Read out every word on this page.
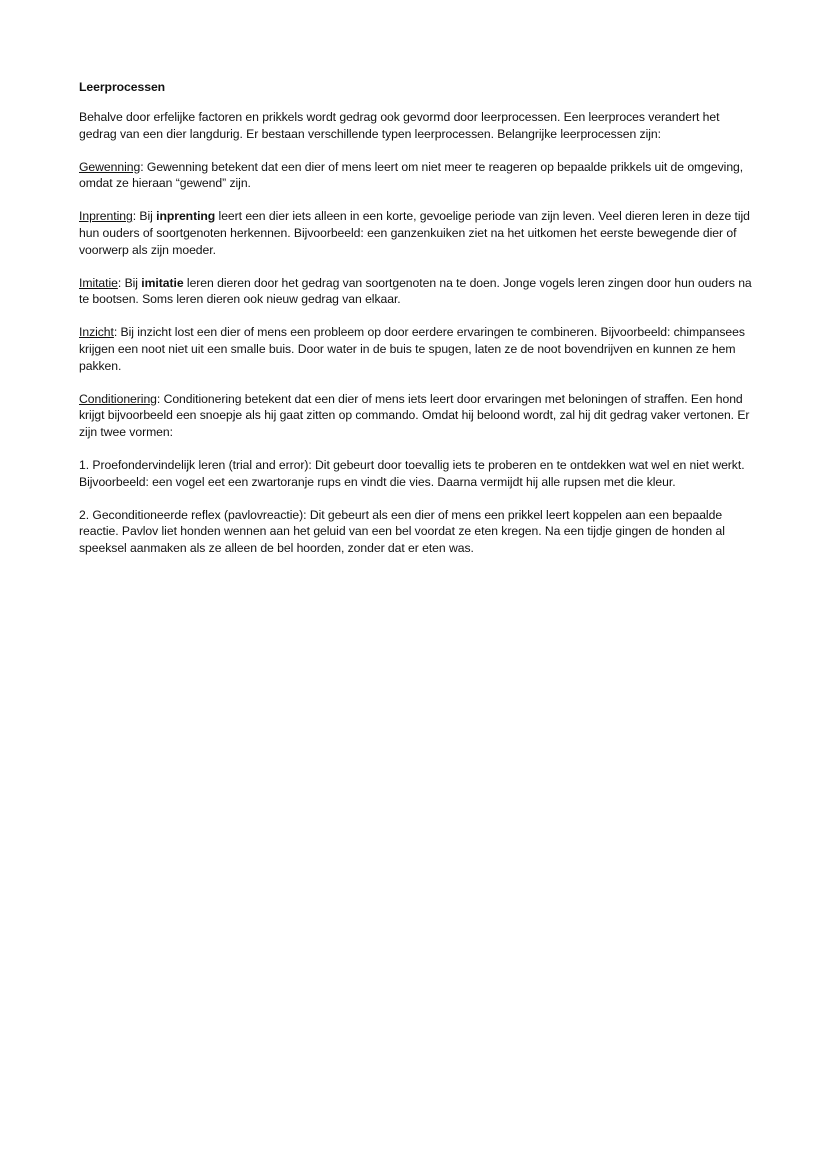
Leerprocessen

Behalve door erfelijke factoren en prikkels wordt gedrag ook gevormd door leerprocessen. Een leerproces verandert het gedrag van een dier langdurig. Er bestaan verschillende typen leerprocessen. Belangrijke leerprocessen zijn:

Gewenning: Gewenning betekent dat een dier of mens leert om niet meer te reageren op bepaalde prikkels uit de omgeving, omdat ze hieraan “gewend” zijn.

Inprenting: Bij inprenting leert een dier iets alleen in een korte, gevoelige periode van zijn leven. Veel dieren leren in deze tijd hun ouders of soortgenoten herkennen. Bijvoorbeeld: een ganzenkuiken ziet na het uitkomen het eerste bewegende dier of voorwerp als zijn moeder.

Imitatie: Bij imitatie leren dieren door het gedrag van soortgenoten na te doen. Jonge vogels leren zingen door hun ouders na te bootsen. Soms leren dieren ook nieuw gedrag van elkaar.

Inzicht: Bij inzicht lost een dier of mens een probleem op door eerdere ervaringen te combineren. Bijvoorbeeld: chimpansees krijgen een noot niet uit een smalle buis. Door water in de buis te spugen, laten ze de noot bovendrijven en kunnen ze hem pakken.

Conditionering: Conditionering betekent dat een dier of mens iets leert door ervaringen met beloningen of straffen. Een hond krijgt bijvoorbeeld een snoepje als hij gaat zitten op commando. Omdat hij beloond wordt, zal hij dit gedrag vaker vertonen. Er zijn twee vormen:

1. Proefondervindelijk leren (trial and error): Dit gebeurt door toevallig iets te proberen en te ontdekken wat wel en niet werkt. Bijvoorbeeld: een vogel eet een zwartoranje rups en vindt die vies. Daarna vermijdt hij alle rupsen met die kleur.

2. Geconditioneerde reflex (pavlovreactie): Dit gebeurt als een dier of mens een prikkel leert koppelen aan een bepaalde reactie. Pavlov liet honden wennen aan het geluid van een bel voordat ze eten kregen. Na een tijdje gingen de honden al speeksel aanmaken als ze alleen de bel hoorden, zonder dat er eten was.
